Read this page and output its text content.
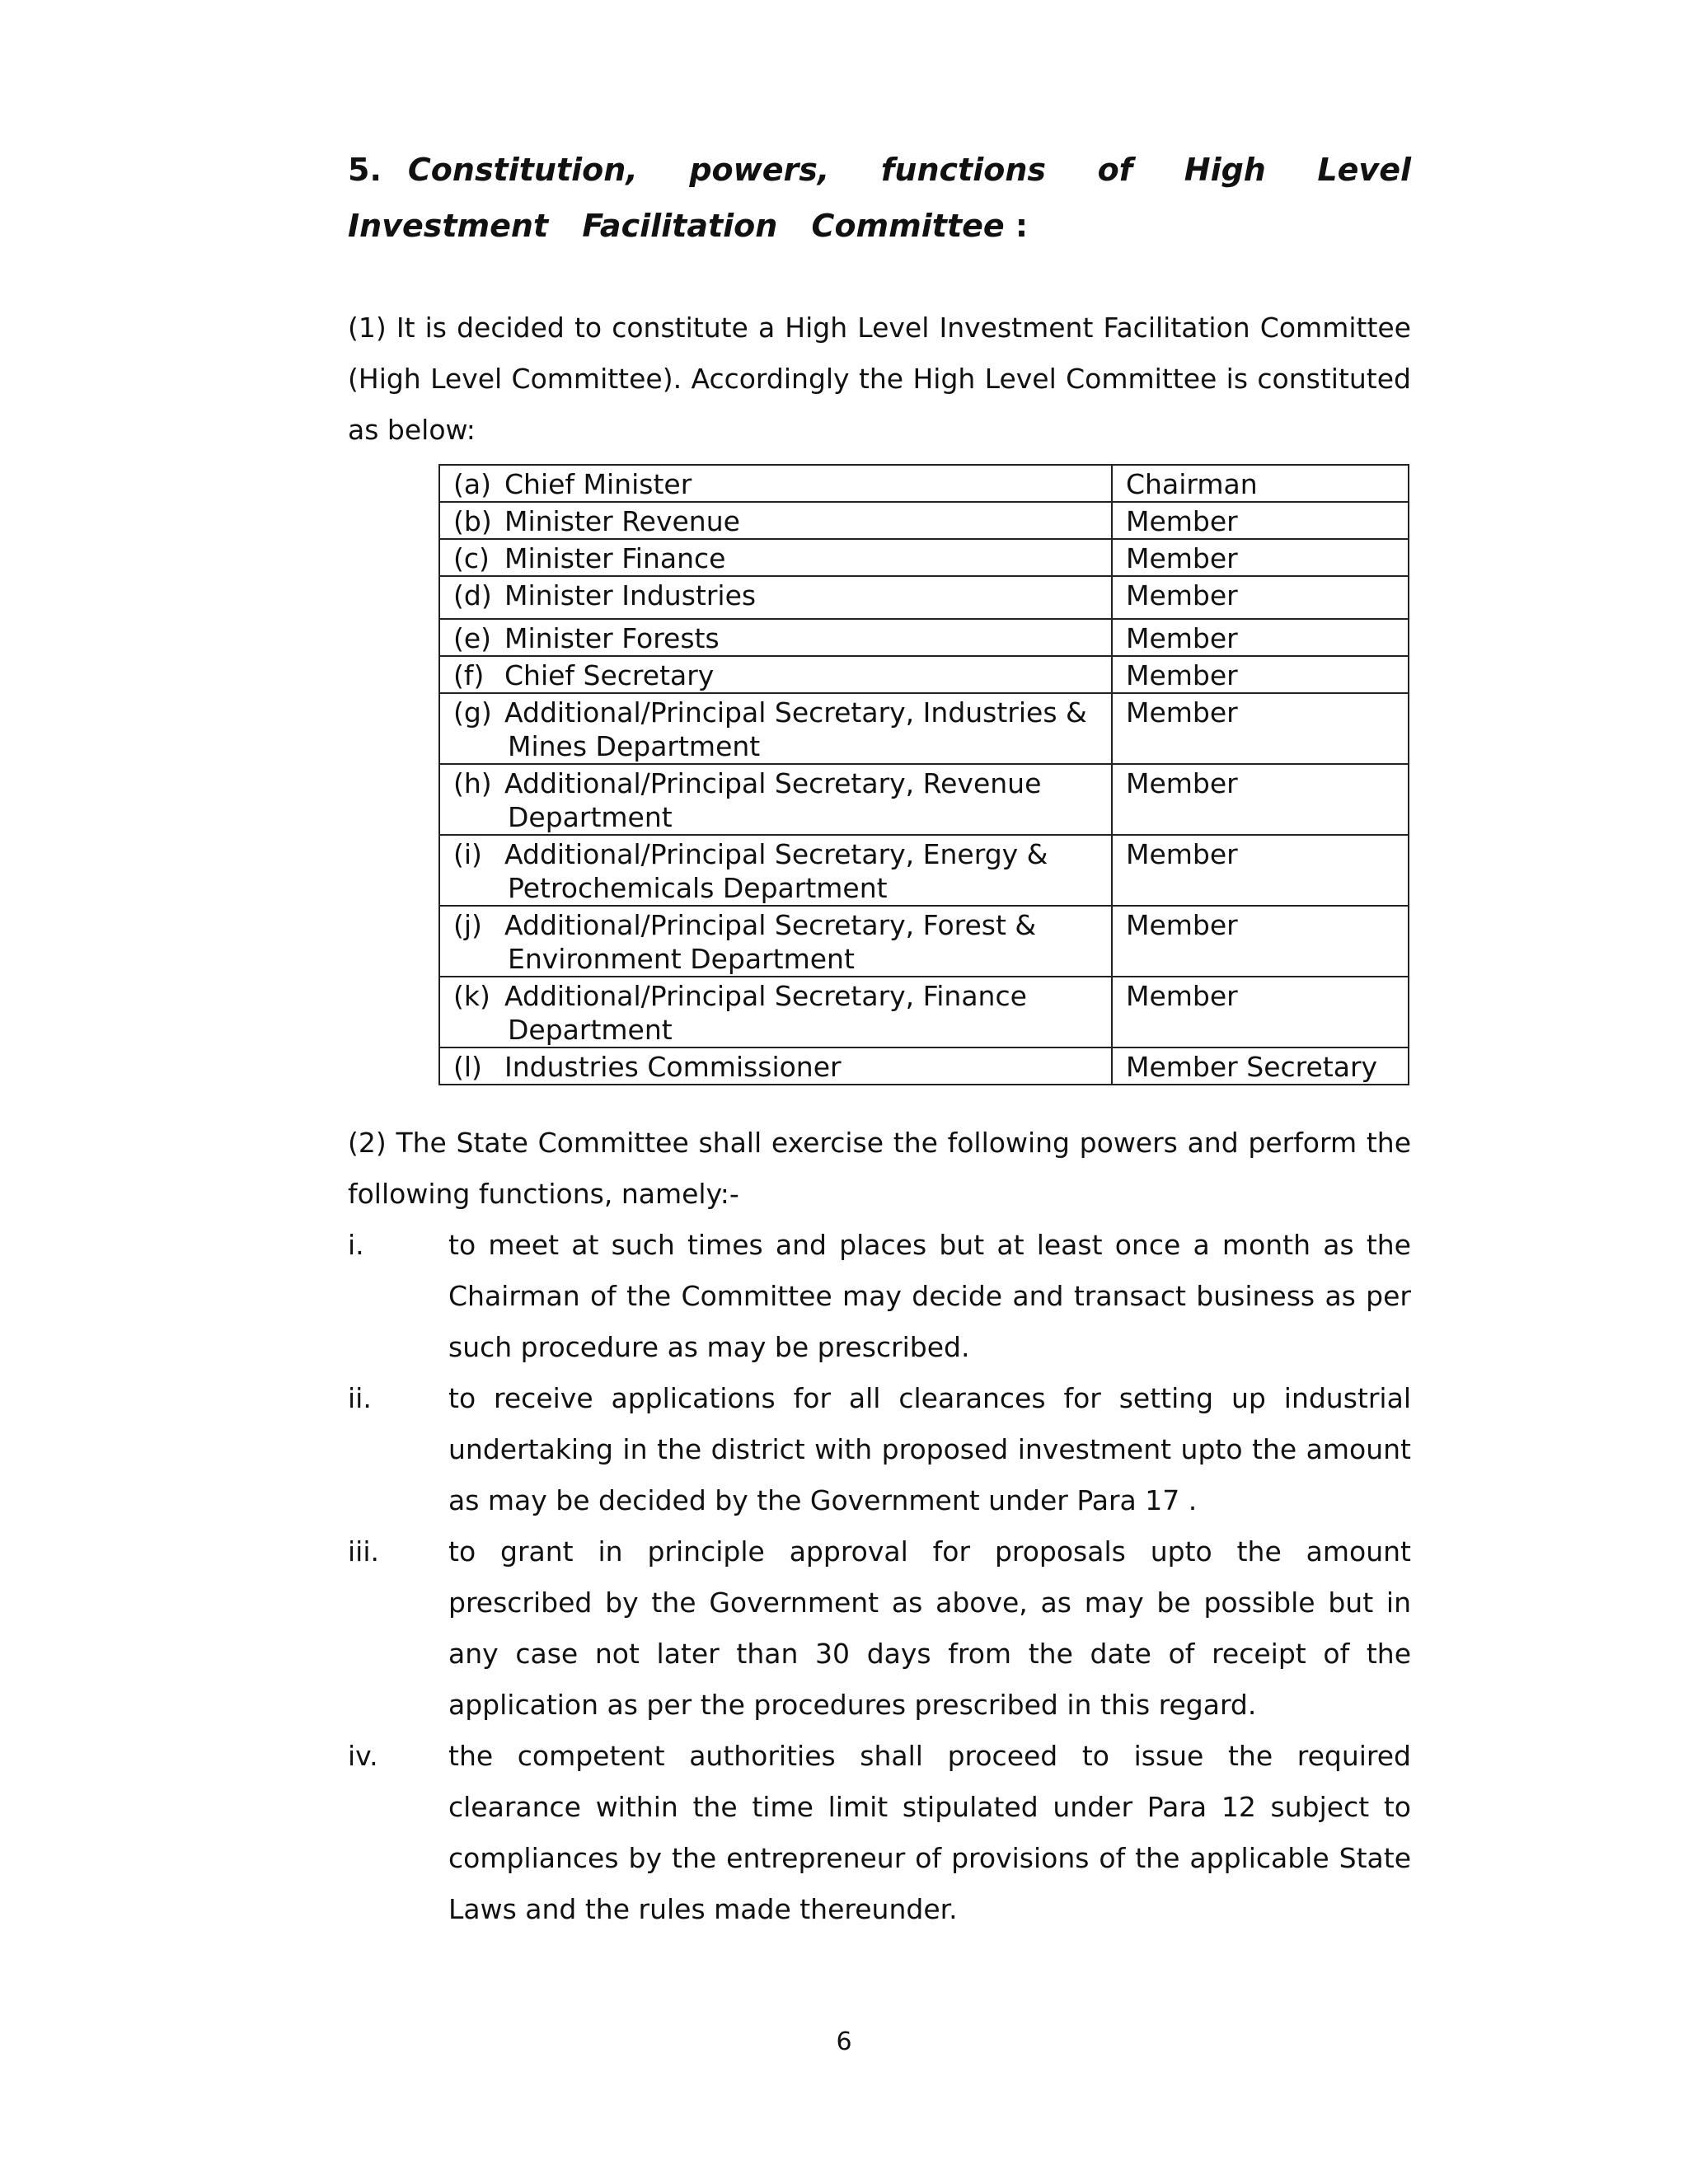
5. Constitution, powers, functions of High Level Investment Facilitation Committee :
(1) It is decided to constitute a High Level Investment Facilitation Committee (High Level Committee). Accordingly the High Level Committee is constituted as below:
(a) Chief Minister	Chairman
(b) Minister Revenue	Member
(c) Minister Finance	Member
(d) Minister Industries	Member
(e) Minister Forests	Member
(f) Chief Secretary	Member
(g) Additional/Principal Secretary, Industries &
Mines Department	Member
(h) Additional/Principal Secretary, Revenue
Department	Member
(i) Additional/Principal Secretary, Energy &
Petrochemicals Department	Member
(j) Additional/Principal Secretary, Forest &
Environment Department	Member
(k) Additional/Principal Secretary, Finance
Department	Member
(l) Industries Commissioner	Member Secretary
(2) The State Committee shall exercise the following powers and perform the following functions, namely:-
i.	to meet at such times and places but at least once a month as the Chairman of the Committee may decide and transact business as per such procedure as may be prescribed.
ii.	to receive applications for all clearances for setting up industrial undertaking in the district with proposed investment upto the amount as may be decided by the Government under Para 17 .
iii.	to grant in principle approval for proposals upto the amount prescribed by the Government as above, as may be possible but in any case not later than 30 days from the date of receipt of the application as per the procedures prescribed in this regard.
iv.	the competent authorities shall proceed to issue the required clearance within the time limit stipulated under Para 12 subject to compliances by the entrepreneur of provisions of the applicable State Laws and the rules made thereunder.
6
